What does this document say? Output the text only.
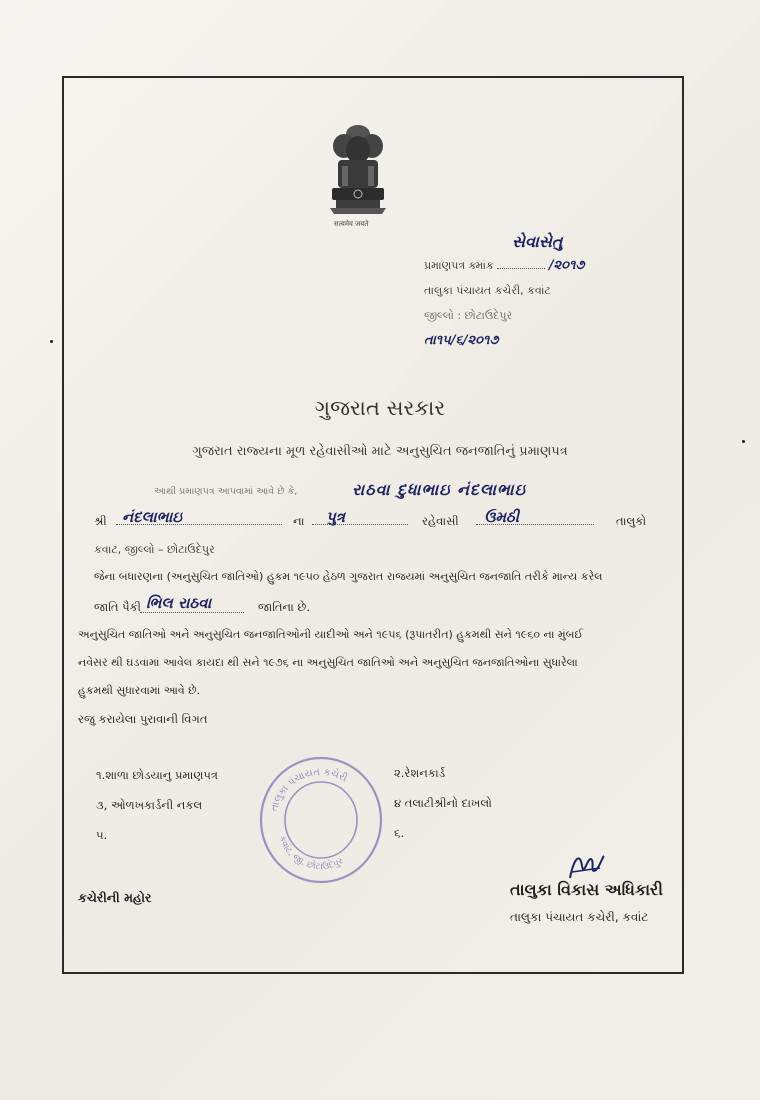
सत्यमेव जयते
સેવાસેતુ
પ્રમાણપત્ર ક્માંક	/૨૦૧૭
તાલુકા પંચાયત કચેરી, કવાંટ
જીલ્લો : છોટાઉદેપુર
તા૧૫/૬/૨૦૧૭
ગુજરાત સરકાર
ગુજરાત રાજ્યના મૂળ રહેવાસીઓ માટે અનુસુચિત જનજાતિનું પ્રમાણપત્ર
આથી પ્રમાણપત્ર આપવામાં આવે છે કે,	રાઠવા દુધાભાઇ નંદલાભાઇ
શ્રી નંદલાભાઇ	ના પુત્ર	રહેવાસી ઉમઠી	તાલુકો
કવાટ, જીલ્લો – છોટાઉદેપુર
જેના બંધારણના (અનુસુચિત જાતિઓ) હુકમ ૧૯૫૦ હેઠળ ગુજરાત રાજયમાં અનુસુચિત જનજાતિ તરીકે માન્ય કરેલ
જાતિ પૈકી ભિલ રાઠવા	જાતિના છે.
અનુસુચિત જાતિઓ અને અનુસુચિત જનજાતિઓની યાદીઓ અને ૧૯૫૬ (રૂપાતરીત) હુકમથી સને ૧૯૬૦ ના મુંબઈ
નવેસર થી ઘડવામાં આવેલ કાયદા થી સને ૧૯૭૬ ના અનુસુચિત જાતિઓ અને અનુસુચિત જનજાતિઓના સુધારેલા
હુકમથી સુધારવામાં આવે છે.
રજુ કરાયેલા પુરાવાની વિગત
૧.શાળા છોડયાનુ પ્રમાણપત્ર	૨.રેશનકાર્ડ
૩, ઓળખકાર્ડની નકલ	૪ તલાટીશ્રીનો દાખલો
૫.	૬.
તાલુકા પંચાયત કચેરી
કવાંટ, જી. છોટાઉદેપુર
કચેરીની મહોર	તાલુકા વિકાસ અધિકારી
તાલુકા પંચાયત કચેરી, કવાંટ
